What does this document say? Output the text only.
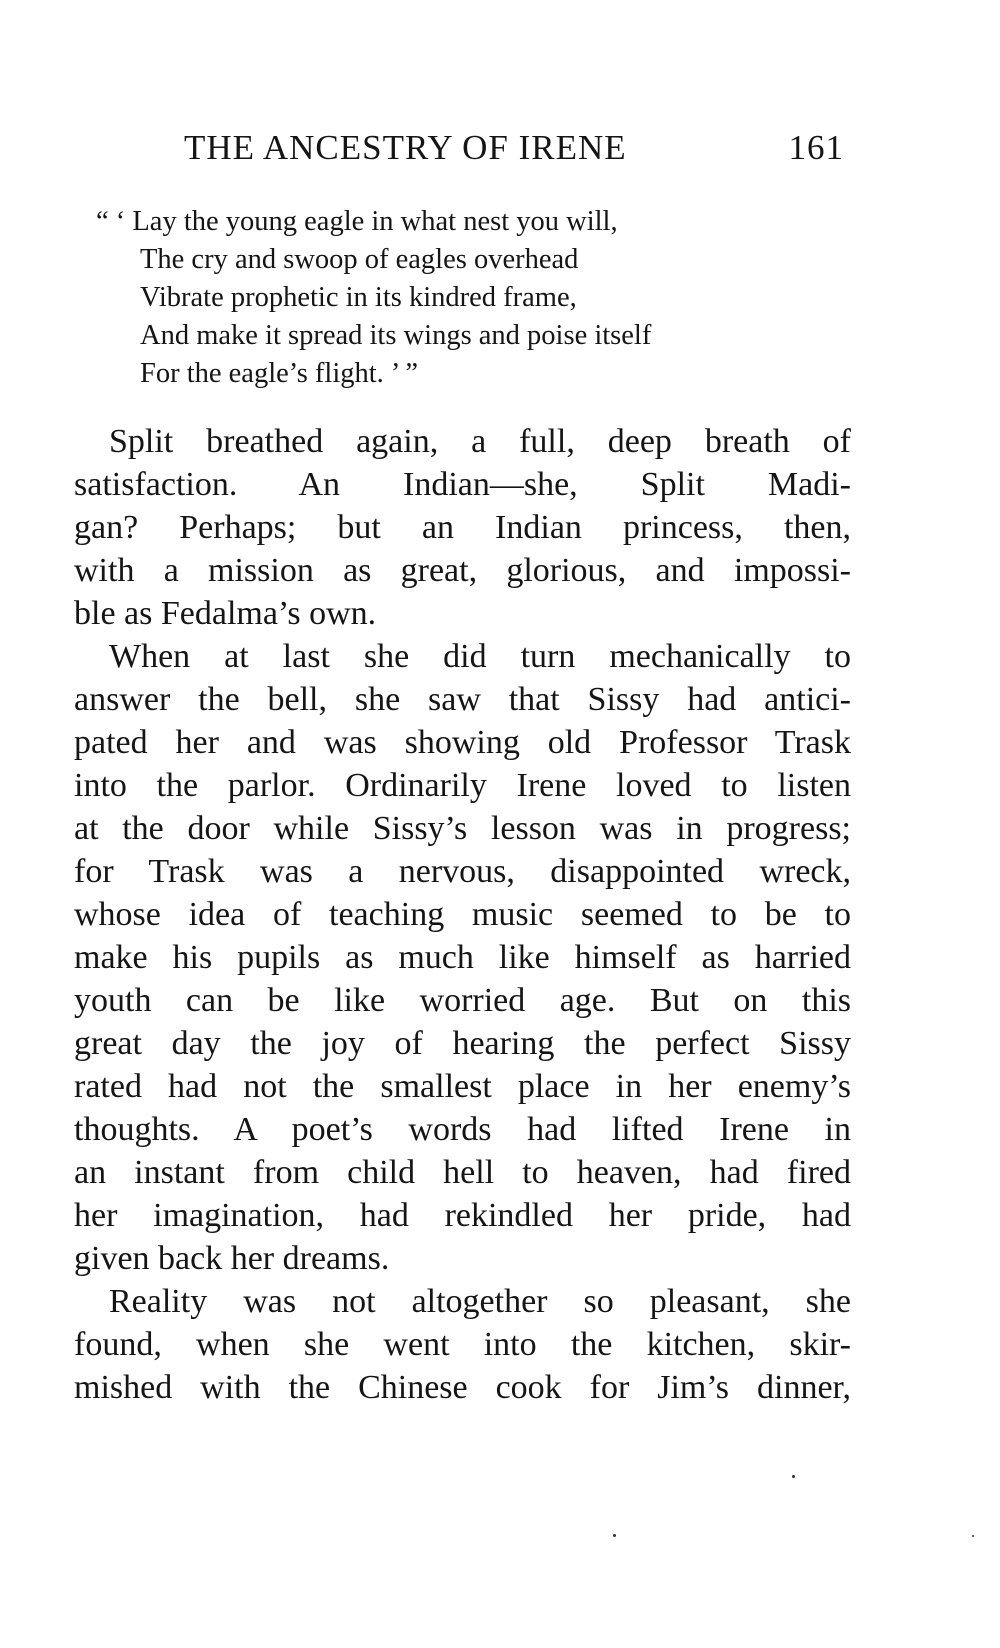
THE ANCESTRY OF IRENE	161
“ ‘ Lay the young eagle in what nest you will,
The cry and swoop of eagles overhead
Vibrate prophetic in its kindred frame,
And make it spread its wings and poise itself
For the eagle’s flight. ’ ”
Split breathed again, a full, deep breath of
satisfaction. An Indian—she, Split Madi-
gan? Perhaps; but an Indian princess, then,
with a mission as great, glorious, and impossi-
ble as Fedalma’s own.
When at last she did turn mechanically to
answer the bell, she saw that Sissy had antici-
pated her and was showing old Professor Trask
into the parlor. Ordinarily Irene loved to listen
at the door while Sissy’s lesson was in progress;
for Trask was a nervous, disappointed wreck,
whose idea of teaching music seemed to be to
make his pupils as much like himself as harried
youth can be like worried age. But on this
great day the joy of hearing the perfect Sissy
rated had not the smallest place in her enemy’s
thoughts. A poet’s words had lifted Irene in
an instant from child hell to heaven, had fired
her imagination, had rekindled her pride, had
given back her dreams.
Reality was not altogether so pleasant, she
found, when she went into the kitchen, skir-
mished with the Chinese cook for Jim’s dinner,
